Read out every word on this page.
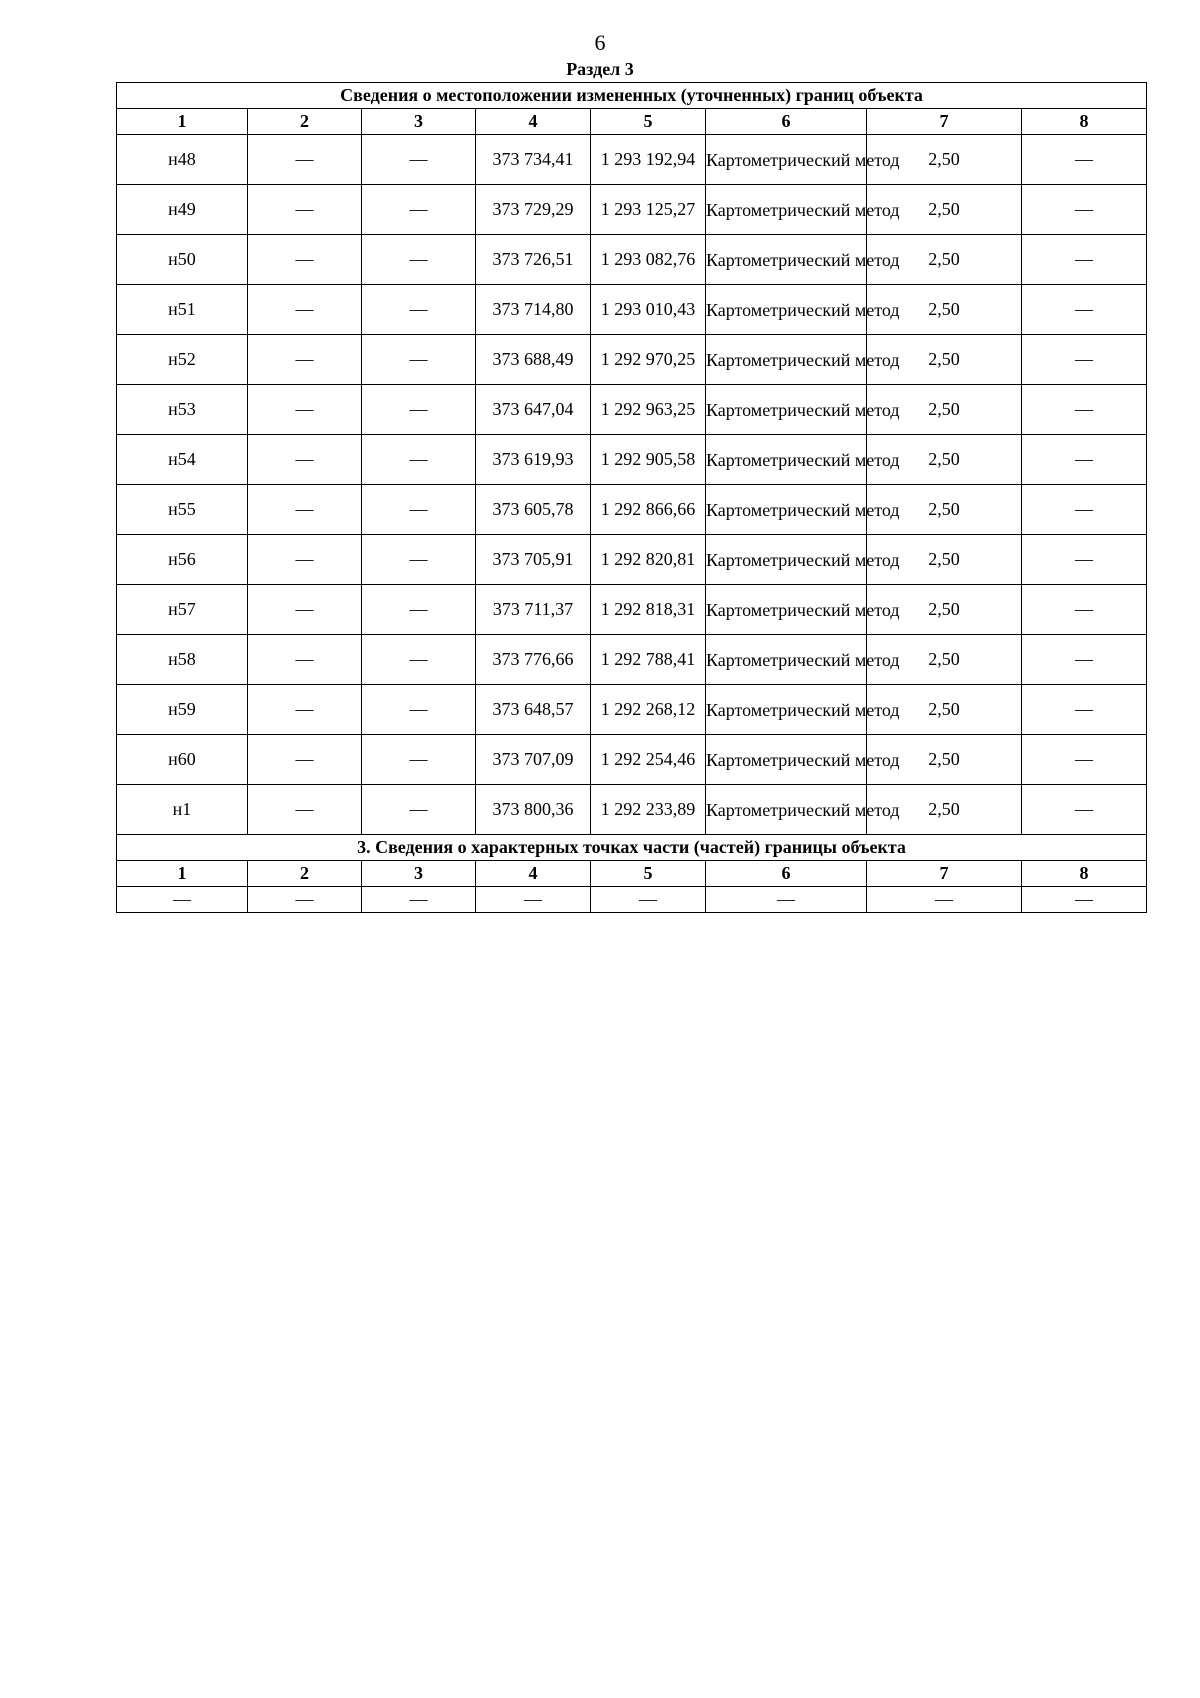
6
Раздел 3
Сведения о местоположении измененных (уточненных) границ объекта							
1	2	3	4	5	6	7	8
н48	—	—	373 734,41	1 293 192,94	Картометрический метод	2,50	—
н49	—	—	373 729,29	1 293 125,27	Картометрический метод	2,50	—
н50	—	—	373 726,51	1 293 082,76	Картометрический метод	2,50	—
н51	—	—	373 714,80	1 293 010,43	Картометрический метод	2,50	—
н52	—	—	373 688,49	1 292 970,25	Картометрический метод	2,50	—
н53	—	—	373 647,04	1 292 963,25	Картометрический метод	2,50	—
н54	—	—	373 619,93	1 292 905,58	Картометрический метод	2,50	—
н55	—	—	373 605,78	1 292 866,66	Картометрический метод	2,50	—
н56	—	—	373 705,91	1 292 820,81	Картометрический метод	2,50	—
н57	—	—	373 711,37	1 292 818,31	Картометрический метод	2,50	—
н58	—	—	373 776,66	1 292 788,41	Картометрический метод	2,50	—
н59	—	—	373 648,57	1 292 268,12	Картометрический метод	2,50	—
н60	—	—	373 707,09	1 292 254,46	Картометрический метод	2,50	—
н1	—	—	373 800,36	1 292 233,89	Картометрический метод	2,50	—
3. Сведения о характерных точках части (частей) границы объекта							
1	2	3	4	5	6	7	8
—	—	—	—	—	—	—	—
